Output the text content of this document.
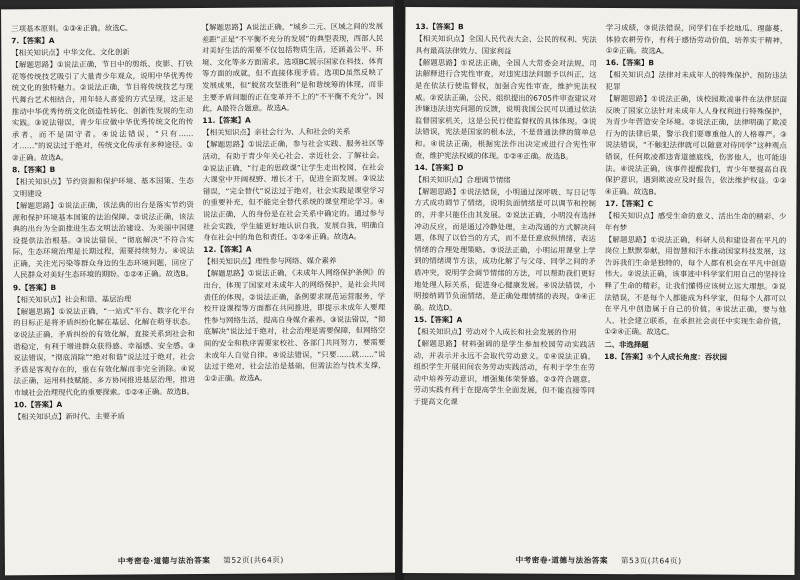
三项基本原则。①③④正确。故选C。

7.【答案】A

【相关知识点】中华文化、文化创新

【解题思路】①说法正确，节日中的剪纸、皮影、打铁花等传统技艺吸引了大量青少年观众，说明中华优秀传统文化的独特魅力。②说法正确，节目将传统技艺与现代舞台艺术相结合，用年轻人喜爱的方式呈现，这正是推动中华优秀传统文化创造性转化、创新性发展的生动实践。③说法错误，青少年应做中华优秀传统文化的传承者，而不是固守者。④说法错误，“只有……才……”的说法过于绝对，传统文化传承有多种途径。①②正确。故选A。

8.【答案】B

【相关知识点】节约资源和保护环境、基本国策、生态文明建设

【解题思路】①说法正确，该法典的出台是落实节约资源和保护环境基本国策的法治保障。②说法正确，该法典的出台为全面推进生态文明法治建设、为美丽中国建设提供法治根基。③说法错误，“彻底解决”不符合实际，生态环境治理是长期过程，需要持续努力。④说法正确，关注光污染等群众身边的生态环境问题，回应了人民群众对美好生态环境的期盼。①②④正确。故选B。

9.【答案】B

【相关知识点】社会和谐、基层治理

【解题思路】①说法正确，“一站式”平台、数字化平台的目标正是将矛盾纠纷化解在基层、化解在萌芽状态。②说法正确，矛盾纠纷的有效化解，直接关系到社会和谐稳定，有利于增进群众获得感、幸福感、安全感。③说法错误，“彻底消除”“绝对和谐”说法过于绝对，社会矛盾是客观存在的，重在有效化解而非完全消除。④说法正确，运用科技赋能、多方协同推进基层治理，推进市域社会治理现代化的重要探索。①②④正确。故选B。

10.【答案】A

【相关知识点】新时代、主要矛盾

【解题思路】A说法正确，“城乡二元、区域之间的发展差距”正是“不平衡不充分的发展”的典型表现，西部人民对美好生活的需要不仅包括物质生活，还涵盖公平、环境、文化等多方面需求。选项BC展示国家在科技、体育等方面的成就，但不直接体现矛盾。选项D虽然反映了发展成果，但“脱贫攻坚胜利”是和谐统筹的体现，而非主要矛盾问题的正在变革并不上的“不平衡不充分”。因此，A最符合题意。故选A。

11.【答案】A

【相关知识点】亲社会行为、人和社会的关系

【解题思路】①说法正确，参与社会实践、服务社区等活动，有助于青少年关心社会、亲近社会、了解社会。②说法正确，“行走的思政课”让学生走出校园，在社会大课堂中开阔视野、增长才干，促进全面发展。③说法错误，“完全替代”说法过于绝对，社会实践是课堂学习的重要补充，但不能完全替代系统的课堂理论学习。④说法正确，人的身份是在社会关系中确定的。通过参与社会实践，学生能更好地认识自我，发展自我，明确自身在社会中的角色和责任。①②④正确。故选A。

12.【答案】A

【相关知识点】理性参与网络、媒介素养

【解题思路】①说法正确，《未成年人网络保护条例》的出台，体现了国家对未成年人的网络保护，是社会共同责任的体现。②说法正确，条例要求规范运营服务，学校开设课程等方面都在共同推进，即提示未成年人要理性参与网络生活，提高自身媒介素养。③说法错误，“彻底解决”说法过于绝对，社会治理是需要保障，但网络空间的安全和秩序需要家校社、各部门共同努力，要需要未成年人自觉自律。④说法错误，“只要……就……”说法过于绝对，社会法治是基础，但需法治与技术支撑，①②正确。故选A。

中考密卷·道德与法治答案 第52页(共64页)

13.【答案】B

【相关知识点】全国人民代表大会、公民的权利、宪法具有最高法律效力、国家利益

【解题思路】①说法正确，全国人大常委会对法规、司法解释进行合宪性审查，对违宪违法问题予以纠正，这是在依法行使监督权，加强合宪性审查，维护宪法权威。②说法正确，公民、组织提出的6705件审查建议对涉嫌违法违宪问题的反馈，说明我国公民可以通过依法监督国家机关，这是公民行使监督权的具体体现。③说法错误，宪法是国家的根本法，不是普通法律的简单总和。④说法正确，根据宪法作出决定或进行合宪性审查，维护宪法权威的体现。①②④正确。故选B。

14.【答案】D

【相关知识点】合理调节情绪

【解题思路】①说法错误，小明通过深呼吸、写日记等方式成功调节了情绪，说明负面情绪是可以调节和控制的，并非只能任由其发展。②说法正确，小明没有选择冲动反应，而是通过冷静处理，主动沟通的方式解决问题，体现了以恰当的方式，而不是任意放纵情绪，表达情绪的合理处理策略。③说法正确，小明运用课堂上学到的情绪调节方法，成功化解了与父母、同学之间的矛盾冲突，说明学会调节情绪的方法，可以帮助我们更好地处理人际关系，促进身心健康发展。④说法错误，小明接纳调节负面情绪，是正确处理情绪的表现。③④正确。故选D。

15.【答案】A

【相关知识点】劳动对个人成长和社会发展的作用

【解题思路】材料强调的是学生参加校园劳动实践活动，并表示并永远不会取代劳动意义。①④说法正确，组织学生开展田间农务劳动实践活动，有利于学生在劳动中培养劳动意识，增强集体荣誉感。②③符合题意。劳动实践有利于在提高学生全面发展，但不能直接等同于提高文化课

学习成绩，③说法错误，同学们在手挖地瓜、理藤蔓、体验农耕劳作，有利于感悟劳动价值，培养实干精神，①②正确。故选A。

16.【答案】B

【相关知识点】法律对未成年人的特殊保护、预防违法犯罪

【解题思路】①说法正确，该校园欺凌事件在法律层面反映了国家立法针对未成年人人身权利进行特殊保护，为青少年营造安全环境。②说法正确，法律明确了欺凌行为的法律后果，警示我们要尊重他人的人格尊严。③说法错误，“不触犯法律就可以随意对待同学”这种观点错误，任何欺凌都违背道德底线，伤害他人，也可能违法。④说法正确，该事件提醒我们，青少年要提高自我保护意识，遇到欺凌应及时报告，依法维护权益。①②④正确。故选B。

17.【答案】C

【相关知识点】感受生命的意义、活出生命的精彩、少年有梦

【解题思路】①说法正确，科研人员和建设者在平凡的岗位上默默奉献，用智慧和汗水推动国家科技发展，这告诉我们生命是独特的，每个人都有机会在平凡中创造伟大。②说法正确，该事迹中科学家们用自己的坚持诠释了生命的精彩，让我们懂得应该树立远大理想。③说法错误，不是每个人都能成为科学家，但每个人都可以在平凡中创造属于自己的价值。④说法正确，要与他人、社会建立联系，在承担社会责任中实现生命价值，①②④正确。故选C。

二、非选择题

18.【答案】①个人成长角度：吞状园

中考密卷·道德与法治答案 第53页(共64页)
